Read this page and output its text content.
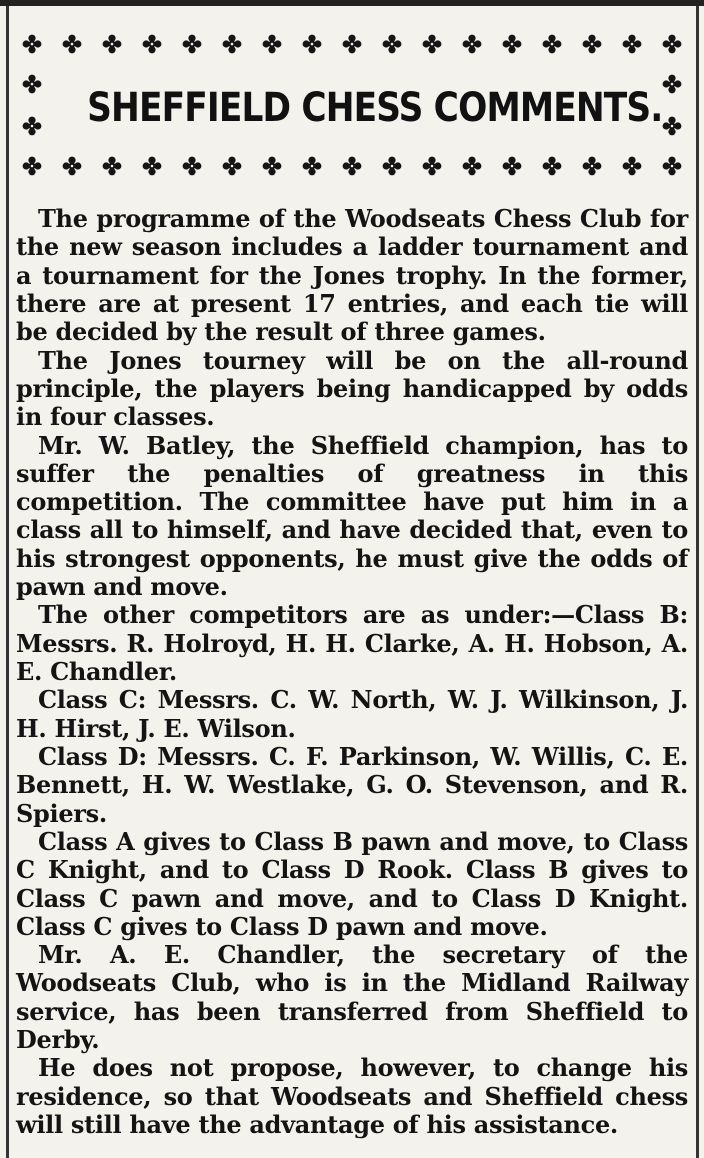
SHEFFIELD CHESS COMMENTS.

The programme of the Woodseats Chess Club for the new season includes a ladder tournament and a tournament for the Jones trophy. In the former, there are at present 17 entries, and each tie will be decided by the result of three games.

The Jones tourney will be on the all-round principle, the players being handicapped by odds in four classes.

Mr. W. Batley, the Sheffield champion, has to suffer the penalties of greatness in this competition. The committee have put him in a class all to himself, and have decided that, even to his strongest opponents, he must give the odds of pawn and move.

The other competitors are as under:—Class B: Messrs. R. Holroyd, H. H. Clarke, A. H. Hobson, A. E. Chandler.

Class C: Messrs. C. W. North, W. J. Wilkinson, J. H. Hirst, J. E. Wilson.

Class D: Messrs. C. F. Parkinson, W. Willis, C. E. Bennett, H. W. Westlake, G. O. Stevenson, and R. Spiers.

Class A gives to Class B pawn and move, to Class C Knight, and to Class D Rook. Class B gives to Class C pawn and move, and to Class D Knight. Class C gives to Class D pawn and move.

Mr. A. E. Chandler, the secretary of the Woodseats Club, who is in the Midland Railway service, has been transferred from Sheffield to Derby.

He does not propose, however, to change his residence, so that Woodseats and Sheffield chess will still have the advantage of his assistance.
